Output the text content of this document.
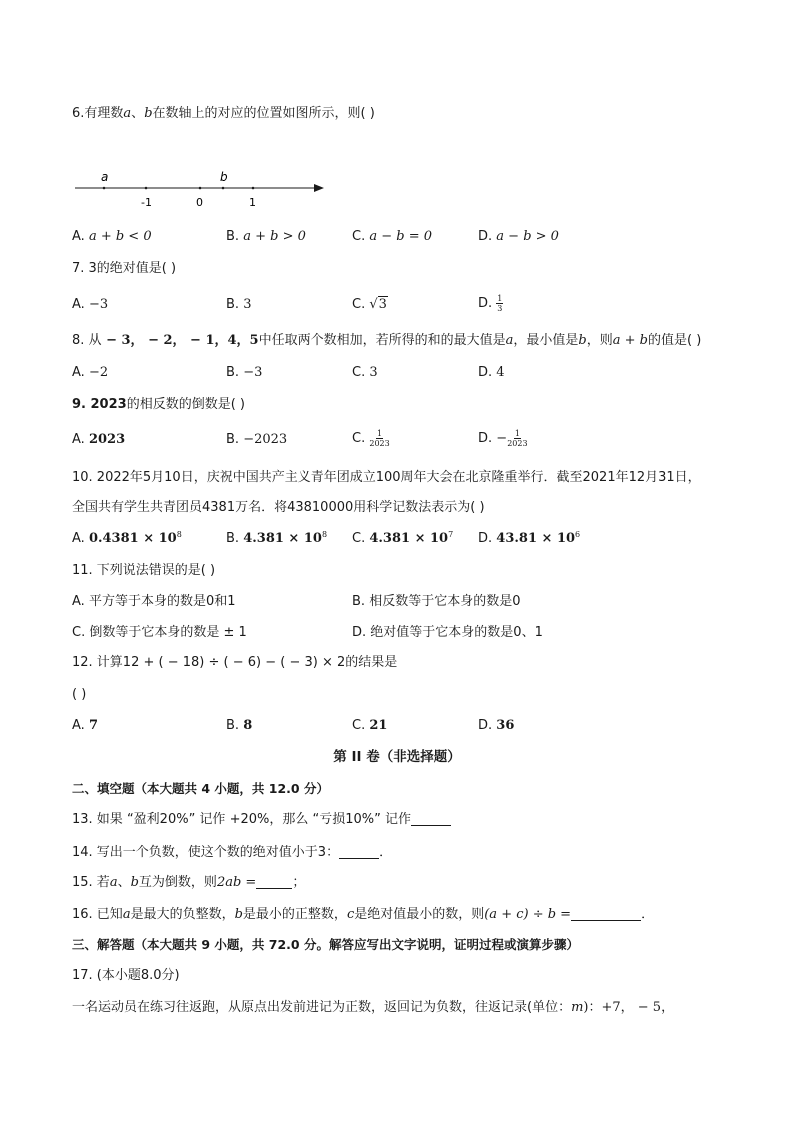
6.有理数a、b在数轴上的对应的位置如图所示，则( )
a	b
-1	0	1
A. a + b < 0	B. a + b > 0	C. a − b = 0	D. a − b > 0
7. 3的绝对值是( )
A. −3	B. 3	C. √3	D. $\frac{1}{3}$
8. 从 − 3， − 2， − 1，4，5中任取两个数相加，若所得的和的最大值是a，最小值是b，则a + b的值是( )
A. −2	B. −3	C. 3	D. 4
9. 2023的相反数的倒数是( )
A. 2023	B. −2023	C. $\frac{1}{2023}$	D. − $\frac{1}{2023}$
10. 2022年5月10日，庆祝中国共产主义青年团成立100周年大会在北京隆重举行．截至2021年12月31日，
全国共有学生共青团员4381万名．将43810000用科学记数法表示为( )
A. $0.4381 \times 10^8$	B. $4.381 \times 10^8$ C. $4.381 \times 10^7$ D. $43.81 \times 10^6$
11. 下列说法错误的是( )
A. 平方等于本身的数是0和1	B. 相反数等于它本身的数是0
C. 倒数等于它本身的数是 ± 1	D. 绝对值等于它本身的数是0、1
12. 计算12 + ( − 18) ÷ ( − 6) − ( − 3) × 2的结果是
( )
A. 7	B. 8	C. 21	D. 36
第 II 卷（非选择题）
二、填空题（本大题共 4 小题，共 12.0 分）
13. 如果 “盈利20%” 记作 +20%，那么 “亏损10%” 记作
14. 写出一个负数，使这个数的绝对值小于3：	．
15. 若a、b互为倒数，则2ab =	；
16. 已知a是最大的负整数，b是最小的正整数，c是绝对值最小的数，则(a + c) ÷ b =	．
三、解答题（本大题共 9 小题，共 72.0 分。解答应写出文字说明，证明过程或演算步骤）
17. (本小题8.0分)
一名运动员在练习往返跑，从原点出发前进记为正数，返回记为负数，往返记录(单位：m)：+7， − 5，
